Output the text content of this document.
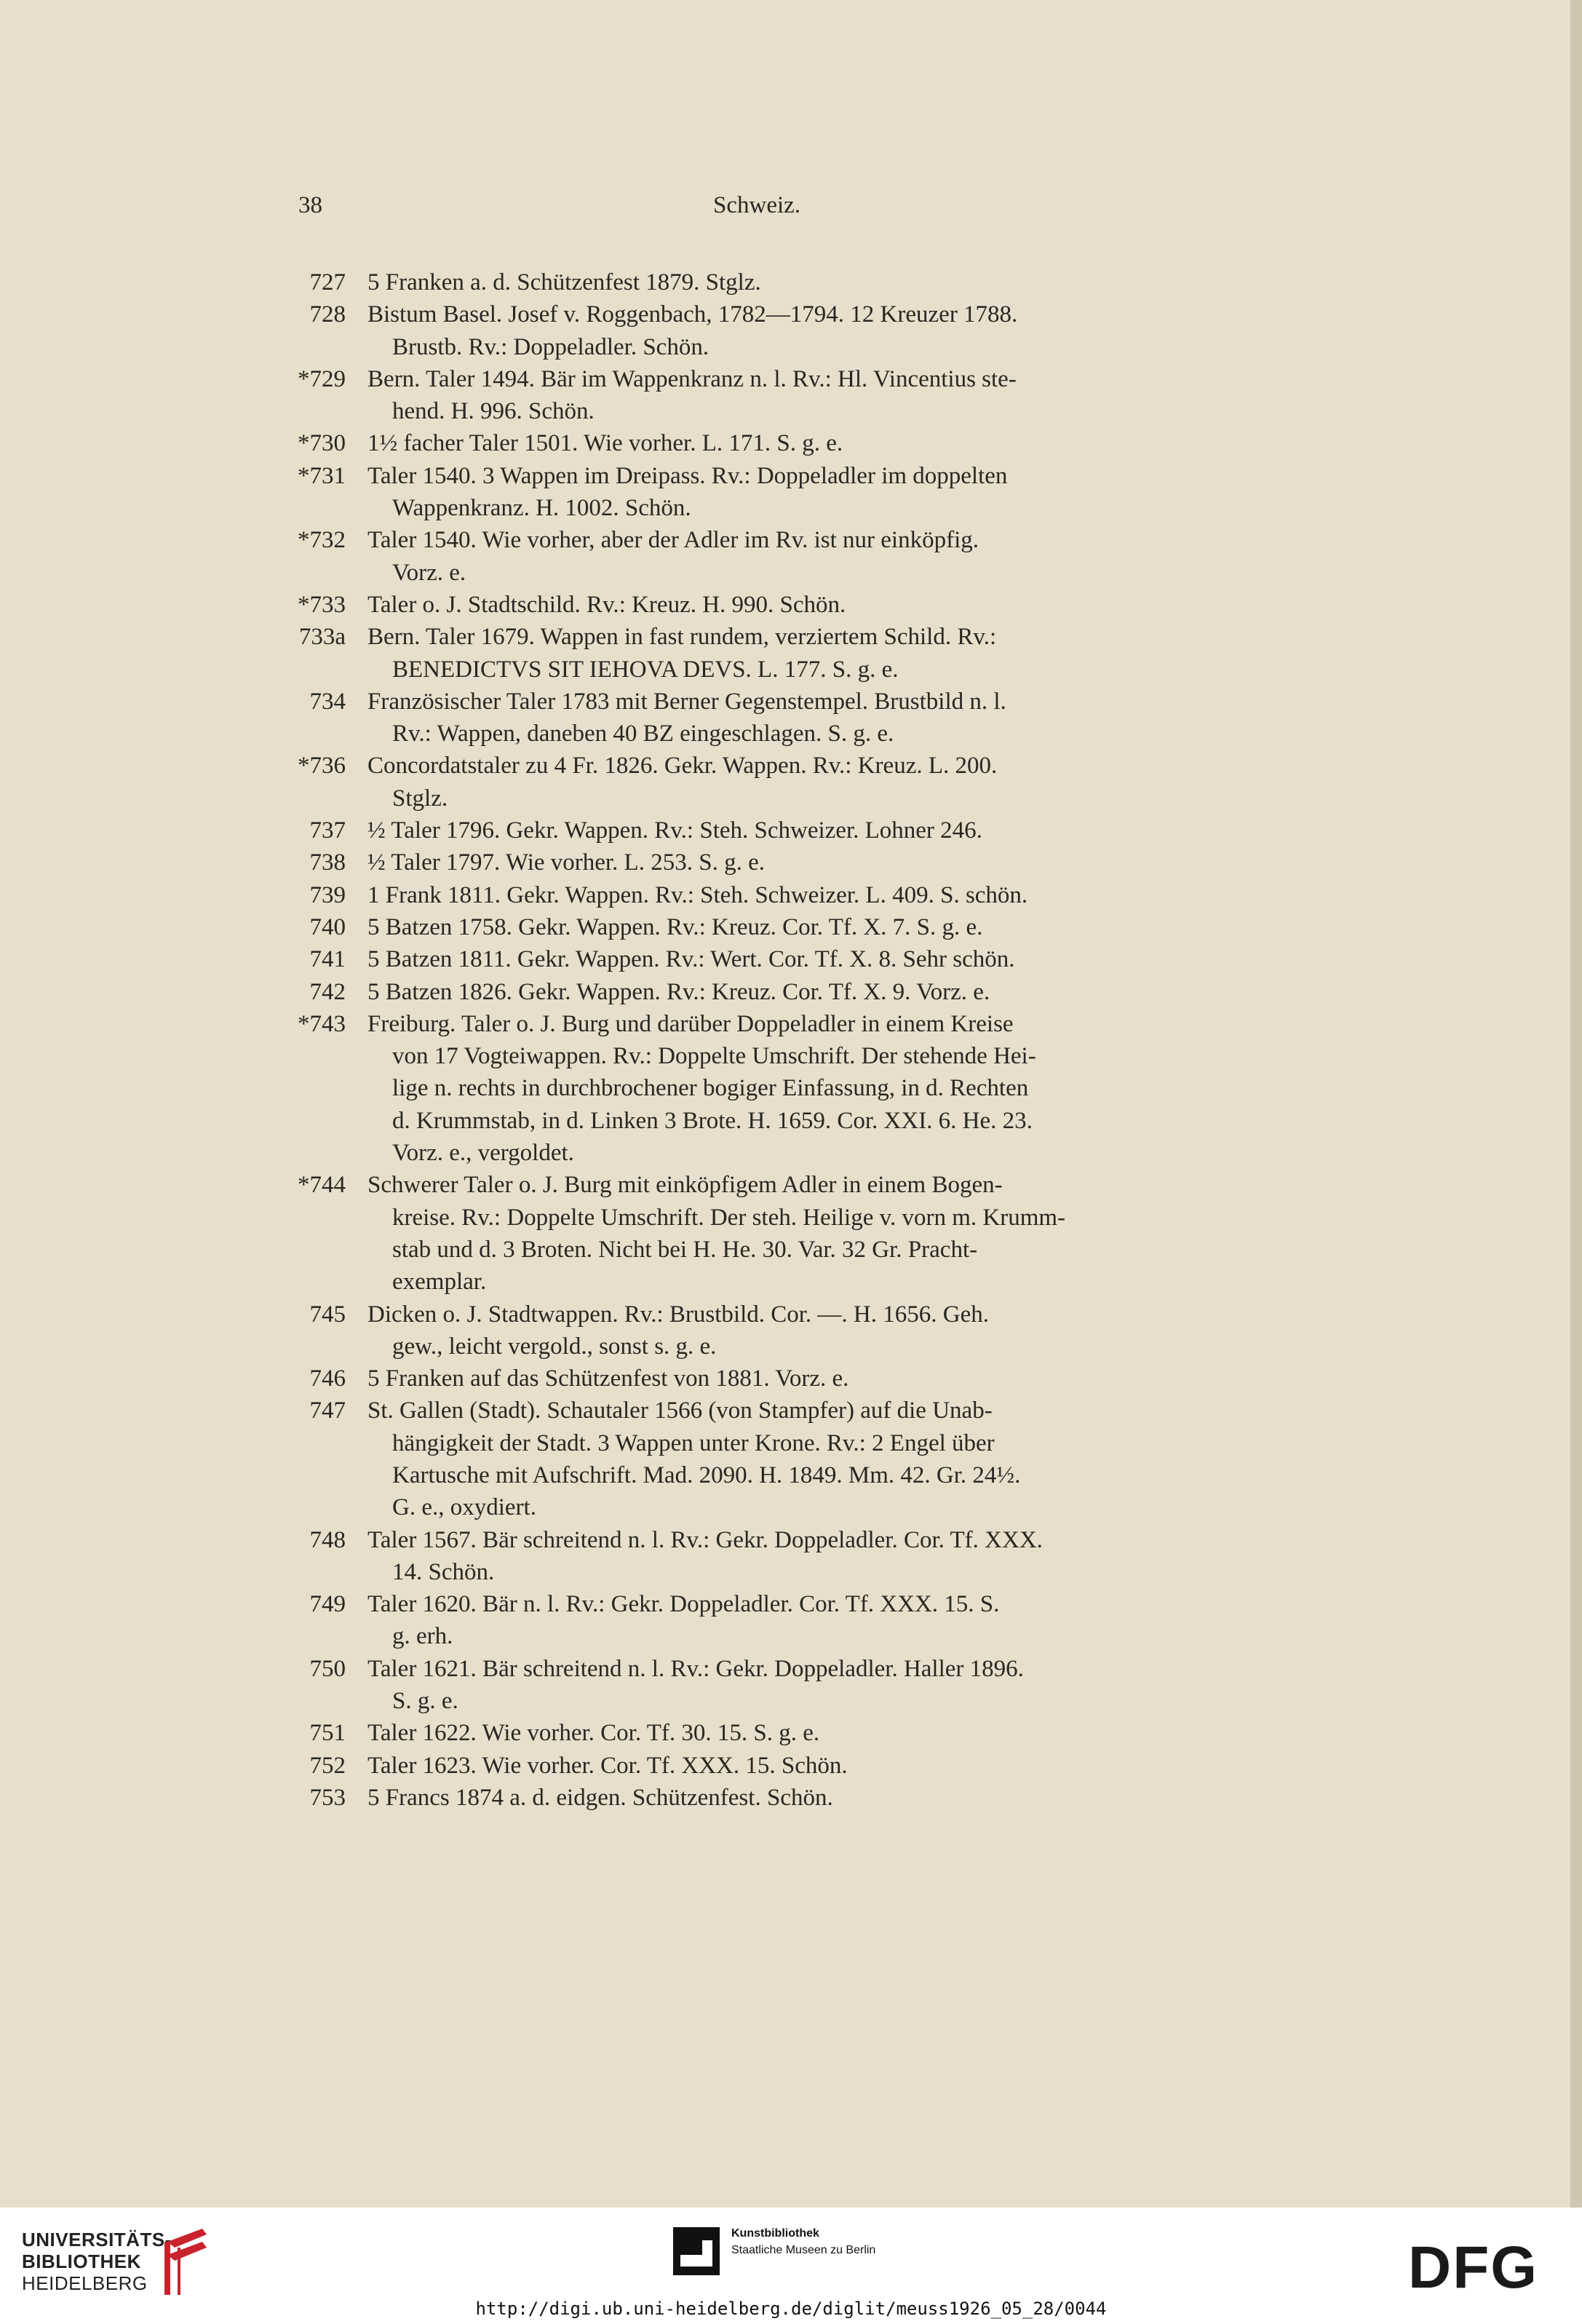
38	Schweiz.
727 5 Franken a. d. Schützenfest 1879. Stglz.
728 Bistum Basel. Josef v. Roggenbach, 1782—1794. 12 Kreuzer 1788.
Brustb. Rv.: Doppeladler. Schön.
*729 Bern. Taler 1494. Bär im Wappenkranz n. l. Rv.: Hl. Vincentius ste-
hend. H. 996. Schön.
*730 1½ facher Taler 1501. Wie vorher. L. 171. S. g. e.
*731 Taler 1540. 3 Wappen im Dreipass. Rv.: Doppeladler im doppelten
Wappenkranz. H. 1002. Schön.
*732 Taler 1540. Wie vorher, aber der Adler im Rv. ist nur einköpfig.
Vorz. e.
*733 Taler o. J. Stadtschild. Rv.: Kreuz. H. 990. Schön.
733a Bern. Taler 1679. Wappen in fast rundem, verziertem Schild. Rv.:
BENEDICTVS SIT IEHOVA DEVS. L. 177. S. g. e.
734 Französischer Taler 1783 mit Berner Gegenstempel. Brustbild n. l.
Rv.: Wappen, daneben 40 BZ eingeschlagen. S. g. e.
*736 Concordatstaler zu 4 Fr. 1826. Gekr. Wappen. Rv.: Kreuz. L. 200.
Stglz.
737 ½ Taler 1796. Gekr. Wappen. Rv.: Steh. Schweizer. Lohner 246.
738 ½ Taler 1797. Wie vorher. L. 253. S. g. e.
739 1 Frank 1811. Gekr. Wappen. Rv.: Steh. Schweizer. L. 409. S. schön.
740 5 Batzen 1758. Gekr. Wappen. Rv.: Kreuz. Cor. Tf. X. 7. S. g. e.
741 5 Batzen 1811. Gekr. Wappen. Rv.: Wert. Cor. Tf. X. 8. Sehr schön.
742 5 Batzen 1826. Gekr. Wappen. Rv.: Kreuz. Cor. Tf. X. 9. Vorz. e.
*743 Freiburg. Taler o. J. Burg und darüber Doppeladler in einem Kreise
von 17 Vogteiwappen. Rv.: Doppelte Umschrift. Der stehende Hei-
lige n. rechts in durchbrochener bogiger Einfassung, in d. Rechten
d. Krummstab, in d. Linken 3 Brote. H. 1659. Cor. XXI. 6. He. 23.
Vorz. e., vergoldet.
*744 Schwerer Taler o. J. Burg mit einköpfigem Adler in einem Bogen-
kreise. Rv.: Doppelte Umschrift. Der steh. Heilige v. vorn m. Krumm-
stab und d. 3 Broten. Nicht bei H. He. 30. Var. 32 Gr. Pracht-
exemplar.
745 Dicken o. J. Stadtwappen. Rv.: Brustbild. Cor. —. H. 1656. Geh.
gew., leicht vergold., sonst s. g. e.
746 5 Franken auf das Schützenfest von 1881. Vorz. e.
747 St. Gallen (Stadt). Schautaler 1566 (von Stampfer) auf die Unab-
hängigkeit der Stadt. 3 Wappen unter Krone. Rv.: 2 Engel über
Kartusche mit Aufschrift. Mad. 2090. H. 1849. Mm. 42. Gr. 24½.
G. e., oxydiert.
748 Taler 1567. Bär schreitend n. l. Rv.: Gekr. Doppeladler. Cor. Tf. XXX.
14. Schön.
749 Taler 1620. Bär n. l. Rv.: Gekr. Doppeladler. Cor. Tf. XXX. 15. S.
g. erh.
750 Taler 1621. Bär schreitend n. l. Rv.: Gekr. Doppeladler. Haller 1896.
S. g. e.
751 Taler 1622. Wie vorher. Cor. Tf. 30. 15. S. g. e.
752 Taler 1623. Wie vorher. Cor. Tf. XXX. 15. Schön.
753 5 Francs 1874 a. d. eidgen. Schützenfest. Schön.
UNIVERSITÄTS-
BIBLIOTHEK
HEIDELBERG
Kunstbibliothek
Staatliche Museen zu Berlin	DFG
http://digi.ub.uni-heidelberg.de/diglit/meuss1926_05_28/0044
